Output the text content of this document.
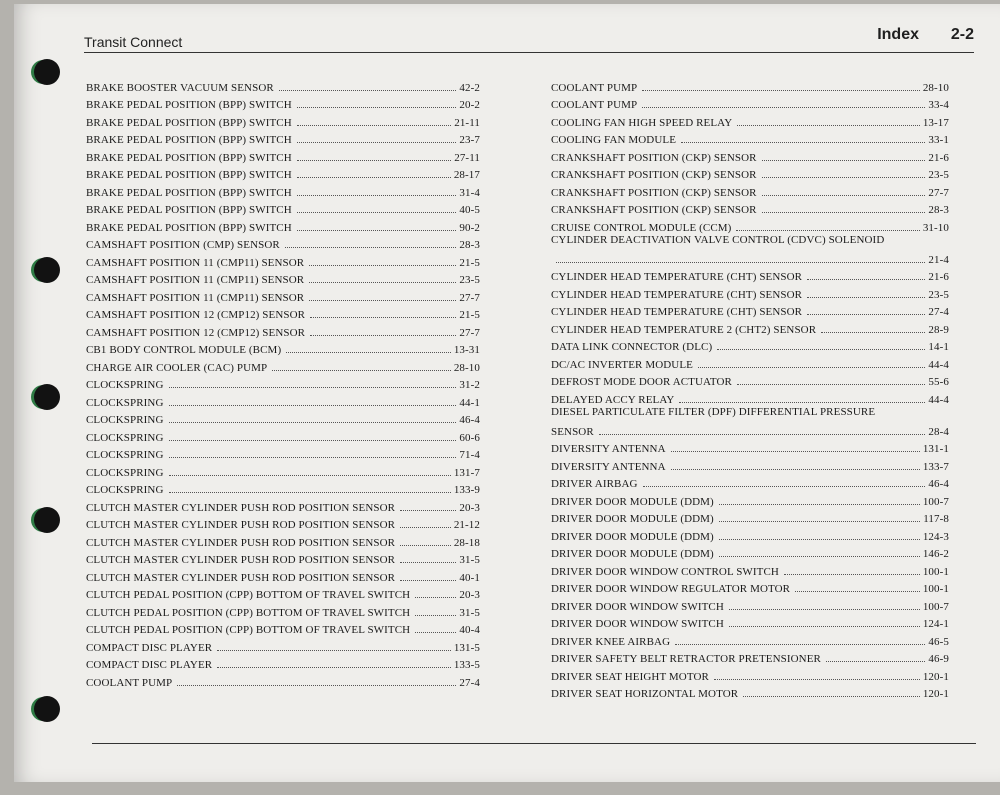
Transit Connect	Index 2-2
BRAKE BOOSTER VACUUM SENSOR	42-2
BRAKE PEDAL POSITION (BPP) SWITCH	20-2
BRAKE PEDAL POSITION (BPP) SWITCH	21-11
BRAKE PEDAL POSITION (BPP) SWITCH	23-7
BRAKE PEDAL POSITION (BPP) SWITCH	27-11
BRAKE PEDAL POSITION (BPP) SWITCH	28-17
BRAKE PEDAL POSITION (BPP) SWITCH	31-4
BRAKE PEDAL POSITION (BPP) SWITCH	40-5
BRAKE PEDAL POSITION (BPP) SWITCH	90-2
CAMSHAFT POSITION (CMP) SENSOR	28-3
CAMSHAFT POSITION 11 (CMP11) SENSOR	21-5
CAMSHAFT POSITION 11 (CMP11) SENSOR	23-5
CAMSHAFT POSITION 11 (CMP11) SENSOR	27-7
CAMSHAFT POSITION 12 (CMP12) SENSOR	21-5
CAMSHAFT POSITION 12 (CMP12) SENSOR	27-7
CB1 BODY CONTROL MODULE (BCM)	13-31
CHARGE AIR COOLER (CAC) PUMP	28-10
CLOCKSPRING	31-2
CLOCKSPRING	44-1
CLOCKSPRING	46-4
CLOCKSPRING	60-6
CLOCKSPRING	71-4
CLOCKSPRING	131-7
CLOCKSPRING	133-9
CLUTCH MASTER CYLINDER PUSH ROD POSITION SENSOR	20-3
CLUTCH MASTER CYLINDER PUSH ROD POSITION SENSOR	21-12
CLUTCH MASTER CYLINDER PUSH ROD POSITION SENSOR	28-18
CLUTCH MASTER CYLINDER PUSH ROD POSITION SENSOR	31-5
CLUTCH MASTER CYLINDER PUSH ROD POSITION SENSOR	40-1
CLUTCH PEDAL POSITION (CPP) BOTTOM OF TRAVEL SWITCH	20-3
CLUTCH PEDAL POSITION (CPP) BOTTOM OF TRAVEL SWITCH	31-5
CLUTCH PEDAL POSITION (CPP) BOTTOM OF TRAVEL SWITCH	40-4
COMPACT DISC PLAYER	131-5
COMPACT DISC PLAYER	133-5
COOLANT PUMP	27-4
COOLANT PUMP	28-10
COOLANT PUMP	33-4
COOLING FAN HIGH SPEED RELAY	13-17
COOLING FAN MODULE	33-1
CRANKSHAFT POSITION (CKP) SENSOR	21-6
CRANKSHAFT POSITION (CKP) SENSOR	23-5
CRANKSHAFT POSITION (CKP) SENSOR	27-7
CRANKSHAFT POSITION (CKP) SENSOR	28-3
CRUISE CONTROL MODULE (CCM)	31-10
CYLINDER DEACTIVATION VALVE CONTROL (CDVC) SOLENOID
21-4
CYLINDER HEAD TEMPERATURE (CHT) SENSOR	21-6
CYLINDER HEAD TEMPERATURE (CHT) SENSOR	23-5
CYLINDER HEAD TEMPERATURE (CHT) SENSOR	27-4
CYLINDER HEAD TEMPERATURE 2 (CHT2) SENSOR	28-9
DATA LINK CONNECTOR (DLC)	14-1
DC/AC INVERTER MODULE	44-4
DEFROST MODE DOOR ACTUATOR	55-6
DELAYED ACCY RELAY	44-4
DIESEL PARTICULATE FILTER (DPF) DIFFERENTIAL PRESSURE
SENSOR	28-4
DIVERSITY ANTENNA	131-1
DIVERSITY ANTENNA	133-7
DRIVER AIRBAG	46-4
DRIVER DOOR MODULE (DDM)	100-7
DRIVER DOOR MODULE (DDM)	117-8
DRIVER DOOR MODULE (DDM)	124-3
DRIVER DOOR MODULE (DDM)	146-2
DRIVER DOOR WINDOW CONTROL SWITCH	100-1
DRIVER DOOR WINDOW REGULATOR MOTOR	100-1
DRIVER DOOR WINDOW SWITCH	100-7
DRIVER DOOR WINDOW SWITCH	124-1
DRIVER KNEE AIRBAG	46-5
DRIVER SAFETY BELT RETRACTOR PRETENSIONER	46-9
DRIVER SEAT HEIGHT MOTOR	120-1
DRIVER SEAT HORIZONTAL MOTOR	120-1
